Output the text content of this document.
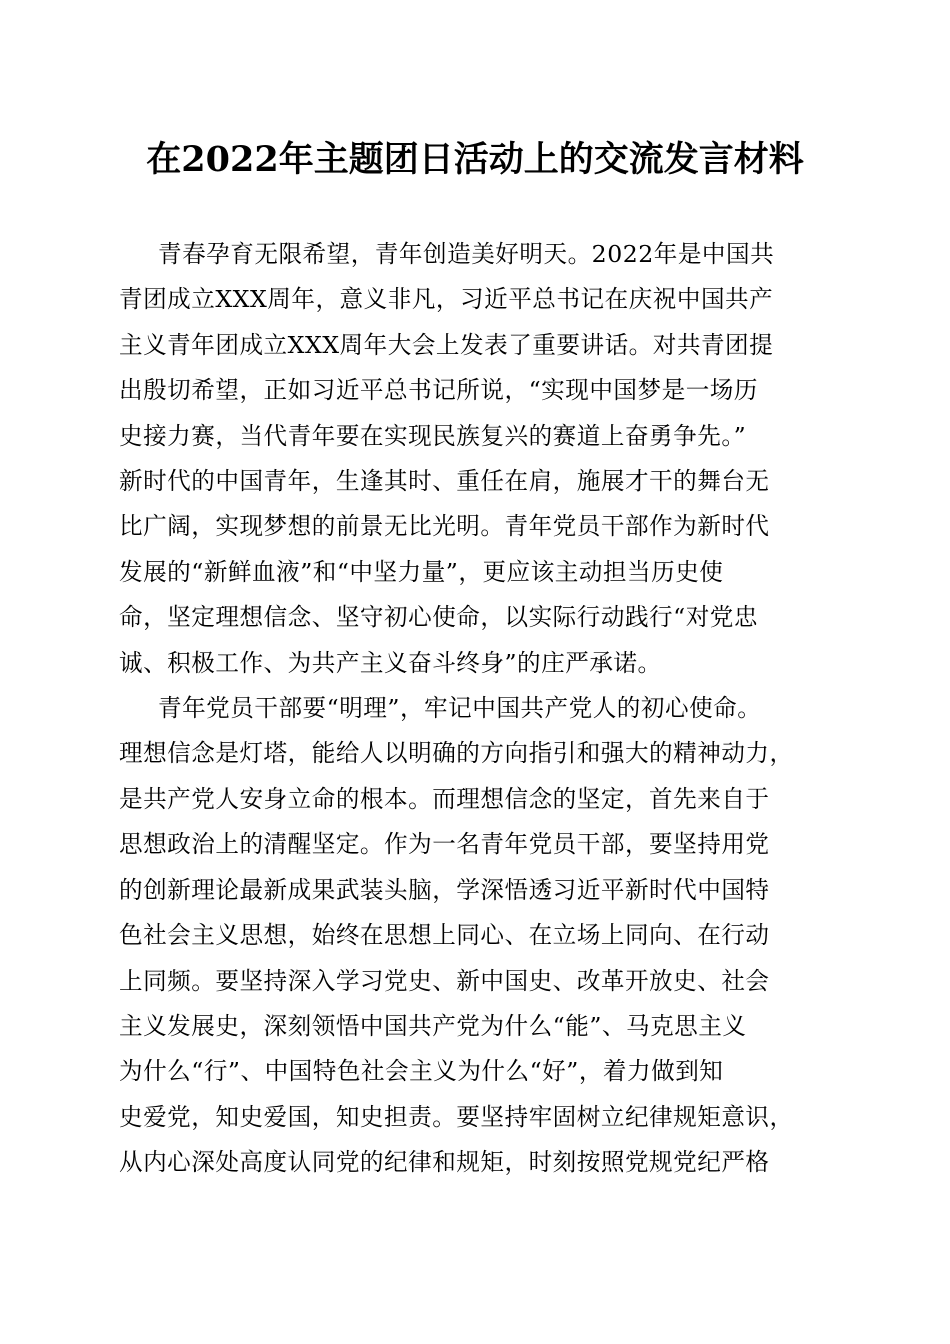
在2022年主题团日活动上的交流发言材料
青春孕育无限希望，青年创造美好明天。2022年是中国共
青团成立XXX周年，意义非凡，习近平总书记在庆祝中国共产
主义青年团成立XXX周年大会上发表了重要讲话。对共青团提
出殷切希望，正如习近平总书记所说，“实现中国梦是一场历
史接力赛，当代青年要在实现民族复兴的赛道上奋勇争先。”
新时代的中国青年，生逢其时、重任在肩，施展才干的舞台无
比广阔，实现梦想的前景无比光明。青年党员干部作为新时代
发展的“新鲜血液”和“中坚力量”，更应该主动担当历史使
命，坚定理想信念、坚守初心使命，以实际行动践行“对党忠
诚、积极工作、为共产主义奋斗终身”的庄严承诺。
青年党员干部要“明理”，牢记中国共产党人的初心使命。
理想信念是灯塔，能给人以明确的方向指引和强大的精神动力，
是共产党人安身立命的根本。而理想信念的坚定，首先来自于
思想政治上的清醒坚定。作为一名青年党员干部，要坚持用党
的创新理论最新成果武装头脑，学深悟透习近平新时代中国特
色社会主义思想，始终在思想上同心、在立场上同向、在行动
上同频。要坚持深入学习党史、新中国史、改革开放史、社会
主义发展史，深刻领悟中国共产党为什么“能”、马克思主义
为什么“行”、中国特色社会主义为什么“好”，着力做到知
史爱党，知史爱国，知史担责。要坚持牢固树立纪律规矩意识，
从内心深处高度认同党的纪律和规矩，时刻按照党规党纪严格
